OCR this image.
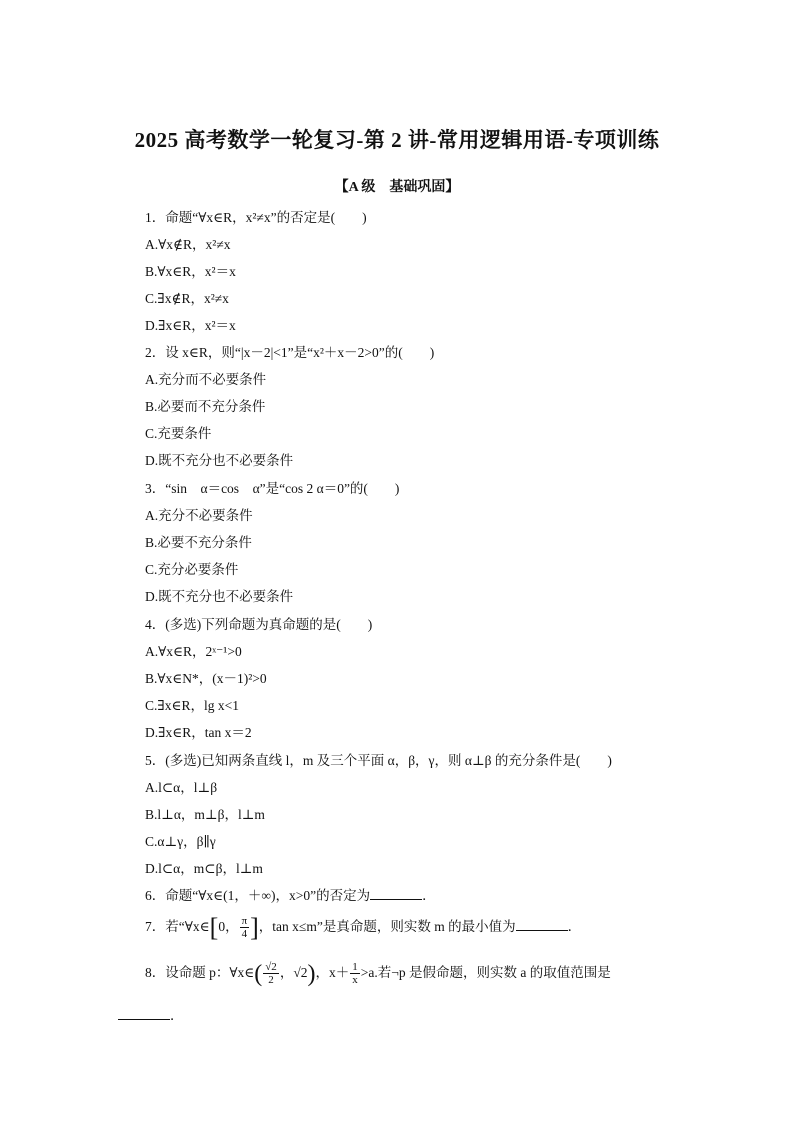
2025 高考数学一轮复习-第 2 讲-常用逻辑用语-专项训练
【A 级　基础巩固】
1．命题“∀x∈R，x²≠x”的否定是(　　)
A.∀x∉R，x²≠x
B.∀x∈R，x²＝x
C.∃x∉R，x²≠x
D.∃x∈R，x²＝x
2．设 x∈R，则“|x－2|<1”是“x²＋x－2>0”的(　　)
A.充分而不必要条件
B.必要而不充分条件
C.充要条件
D.既不充分也不必要条件
3．“sin　α＝cos　α”是“cos 2 α＝0”的(　　)
A.充分不必要条件
B.必要不充分条件
C.充分必要条件
D.既不充分也不必要条件
4．(多选)下列命题为真命题的是(　　)
A.∀x∈R，2ˣ⁻¹>0
B.∀x∈N*，(x－1)²>0
C.∃x∈R，lg x<1
D.∃x∈R，tan x＝2
5．(多选)已知两条直线 l，m 及三个平面 α，β，γ，则 α⊥β 的充分条件是(　　)
A.l⊂α，l⊥β
B.l⊥α，m⊥β，l⊥m
C.α⊥γ，β∥γ
D.l⊂α，m⊂β，l⊥m
6．命题“∀x∈(1，＋∞)，x>0”的否定为	．
7．若“∀x∈[0， $\frac{\pi}{4}$ ]，tan x≤m”是真命题，则实数 m 的最小值为	．
8．设命题 p：∀x∈( $\frac{√2}{2}$ ，√2)，$x+ \frac{1}{x} >a$.若¬p 是假命题，则实数 a 的取值范围是
．
